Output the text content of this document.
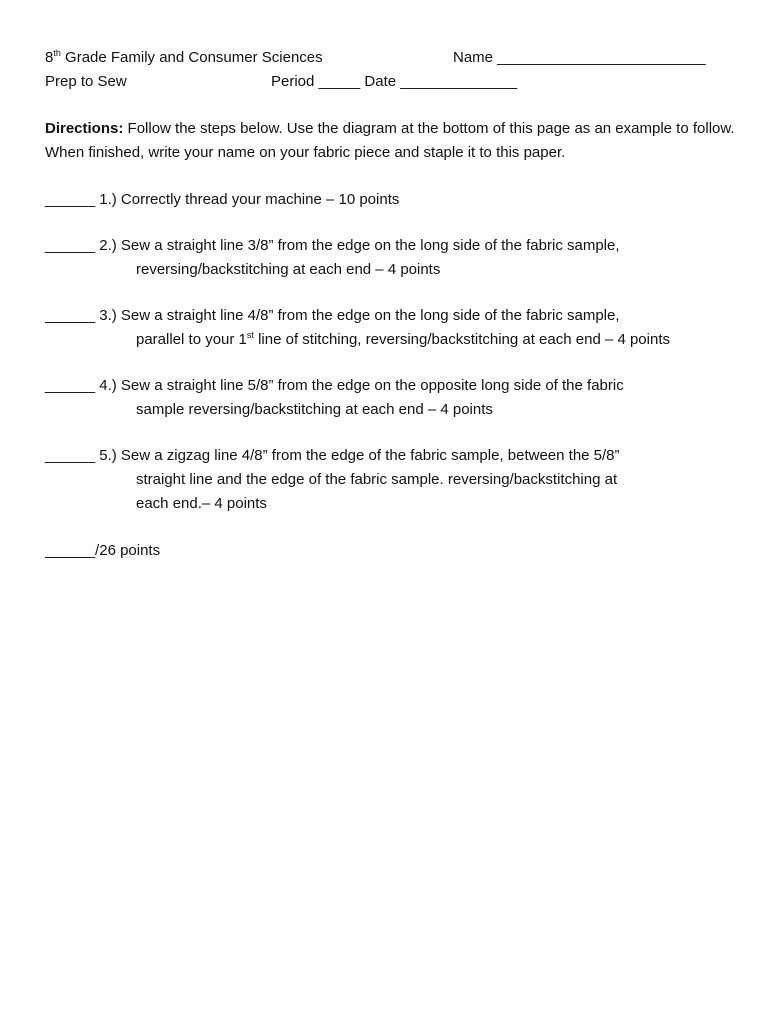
8th Grade Family and Consumer Sciences	Name _________________________
Prep to Sew	Period _____ Date ______________
Directions: Follow the steps below. Use the diagram at the bottom of this page as an example to follow. When finished, write your name on your fabric piece and staple it to this paper.
______ 1.) Correctly thread your machine – 10 points
______ 2.) Sew a straight line 3/8” from the edge on the long side of the fabric sample,
reversing/backstitching at each end – 4 points
______ 3.) Sew a straight line 4/8” from the edge on the long side of the fabric sample,
parallel to your 1st line of stitching, reversing/backstitching at each end – 4 points
______ 4.) Sew a straight line 5/8” from the edge on the opposite long side of the fabric
sample reversing/backstitching at each end – 4 points
______ 5.) Sew a zigzag line 4/8” from the edge of the fabric sample, between the 5/8”
straight line and the edge of the fabric sample. reversing/backstitching at
each end.– 4 points
______/26 points
